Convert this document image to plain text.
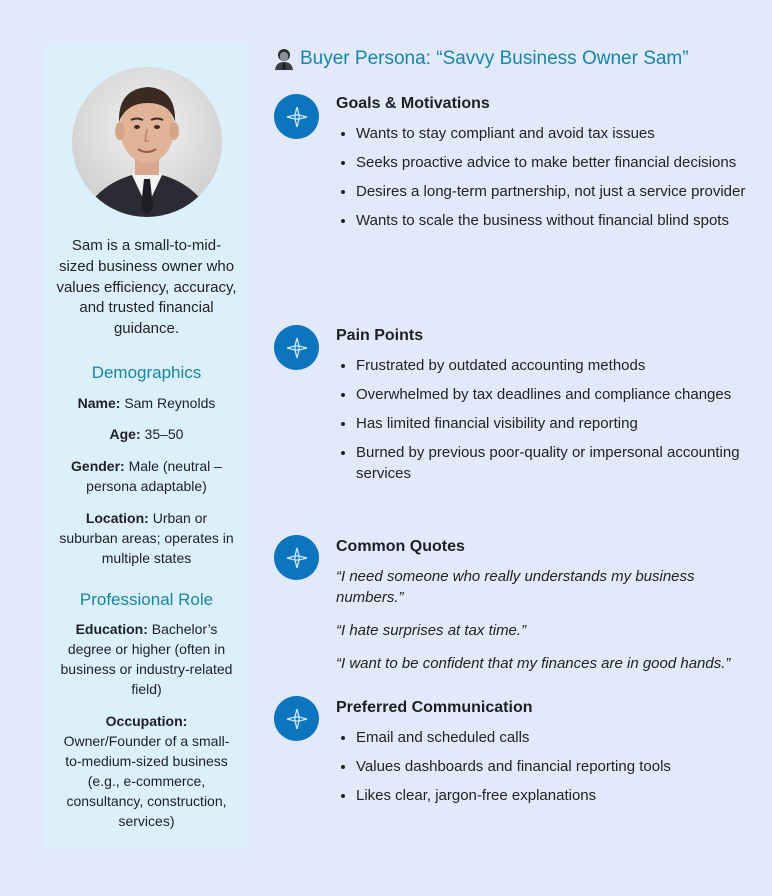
Sam is a small-to-mid-sized business owner who values efficiency, accuracy, and trusted financial guidance.
Demographics
Name: Sam Reynolds
Age: 35–50
Gender: Male (neutral – persona adaptable)
Location: Urban or suburban areas; operates in multiple states
Professional Role
Education: Bachelor’s degree or higher (often in business or industry-related field)
Occupation: Owner/Founder of a small-to-medium-sized business (e.g., e-commerce, consultancy, construction, services)
Buyer Persona: “Savvy Business Owner Sam”
Goals & Motivations
• Wants to stay compliant and avoid tax issues
• Seeks proactive advice to make better financial decisions
• Desires a long-term partnership, not just a service provider
• Wants to scale the business without financial blind spots
Pain Points
• Frustrated by outdated accounting methods
• Overwhelmed by tax deadlines and compliance changes
• Has limited financial visibility and reporting
• Burned by previous poor-quality or impersonal accounting services
Common Quotes
“I need someone who really understands my business numbers.”
“I hate surprises at tax time.”
“I want to be confident that my finances are in good hands.”
Preferred Communication
• Email and scheduled calls
• Values dashboards and financial reporting tools
• Likes clear, jargon-free explanations
